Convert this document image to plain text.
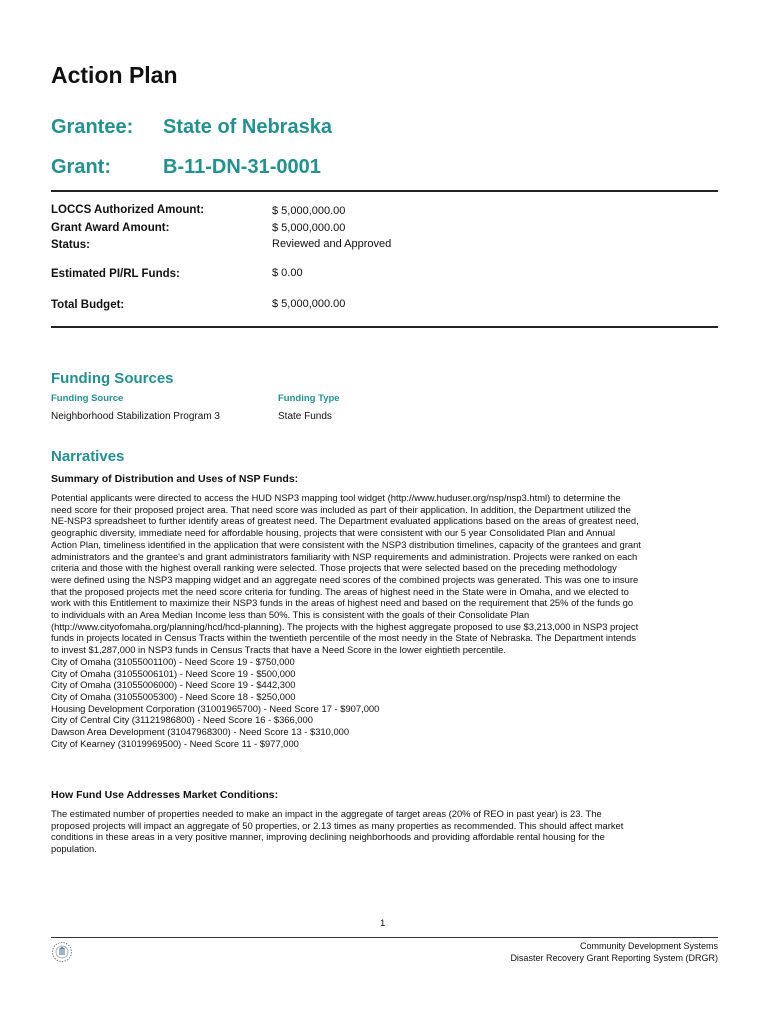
Action Plan
Grantee: State of Nebraska
Grant:	B-11-DN-31-0001
LOCCS Authorized Amount:	$ 5,000,000.00
Grant Award Amount:	$ 5,000,000.00
Status:	Reviewed and Approved
Estimated PI/RL Funds:	$ 0.00
Total Budget:	$ 5,000,000.00
Funding Sources
Funding Source	Funding Type
Neighborhood Stabilization Program 3	State Funds
Narratives
Summary of Distribution and Uses of NSP Funds:
Potential applicants were directed to access the HUD NSP3 mapping tool widget (http://www.huduser.org/nsp/nsp3.html) to determine the
need score for their proposed project area. That need score was included as part of their application. In addition, the Department utilized the
NE-NSP3 spreadsheet to further identify areas of greatest need. The Department evaluated applications based on the areas of greatest need,
geographic diversity, immediate need for affordable housing, projects that were consistent with our 5 year Consolidated Plan and Annual
Action Plan, timeliness identified in the application that were consistent with the NSP3 distribution timelines, capacity of the grantees and grant
administrators and the grantee's and grant administrators familiarity with NSP requirements and administration. Projects were ranked on each
criteria and those with the highest overall ranking were selected. Those projects that were selected based on the preceding methodology
were defined using the NSP3 mapping widget and an aggregate need scores of the combined projects was generated. This was one to insure
that the proposed projects met the need score criteria for funding. The areas of highest need in the State were in Omaha, and we elected to
work with this Entitlement to maximize their NSP3 funds in the areas of highest need and based on the requirement that 25% of the funds go
to individuals with an Area Median Income less than 50%. This is consistent with the goals of their Consolidate Plan
(http://www.cityofomaha.org/planning/hcd/hcd-planning). The projects with the highest aggregate proposed to use $3,213,000 in NSP3 project
funds in projects located in Census Tracts within the twentieth percentile of the most needy in the State of Nebraska. The Department intends
to invest $1,287,000 in NSP3 funds in Census Tracts that have a Need Score in the lower eightieth percentile.
City of Omaha (31055001100) - Need Score 19 - $750,000
City of Omaha (31055006101) - Need Score 19 - $500,000
City of Omaha (31055006000) - Need Score 19 - $442,300
City of Omaha (31055005300) - Need Score 18 - $250,000
Housing Development Corporation (31001965700) - Need Score 17 - $907,000
City of Central City (31121986800) - Need Score 16 - $366,000
Dawson Area Development (31047968300) - Need Score 13 - $310,000
City of Kearney (31019969500) - Need Score 11 - $977,000
How Fund Use Addresses Market Conditions:
The estimated number of properties needed to make an impact in the aggregate of target areas (20% of REO in past year) is 23. The
proposed projects will impact an aggregate of 50 properties, or 2.13 times as many properties as recommended. This should affect market
conditions in these areas in a very positive manner, improving declining neighborhoods and providing affordable rental housing for the
population.
1
Community Development Systems
Disaster Recovery Grant Reporting System (DRGR)
